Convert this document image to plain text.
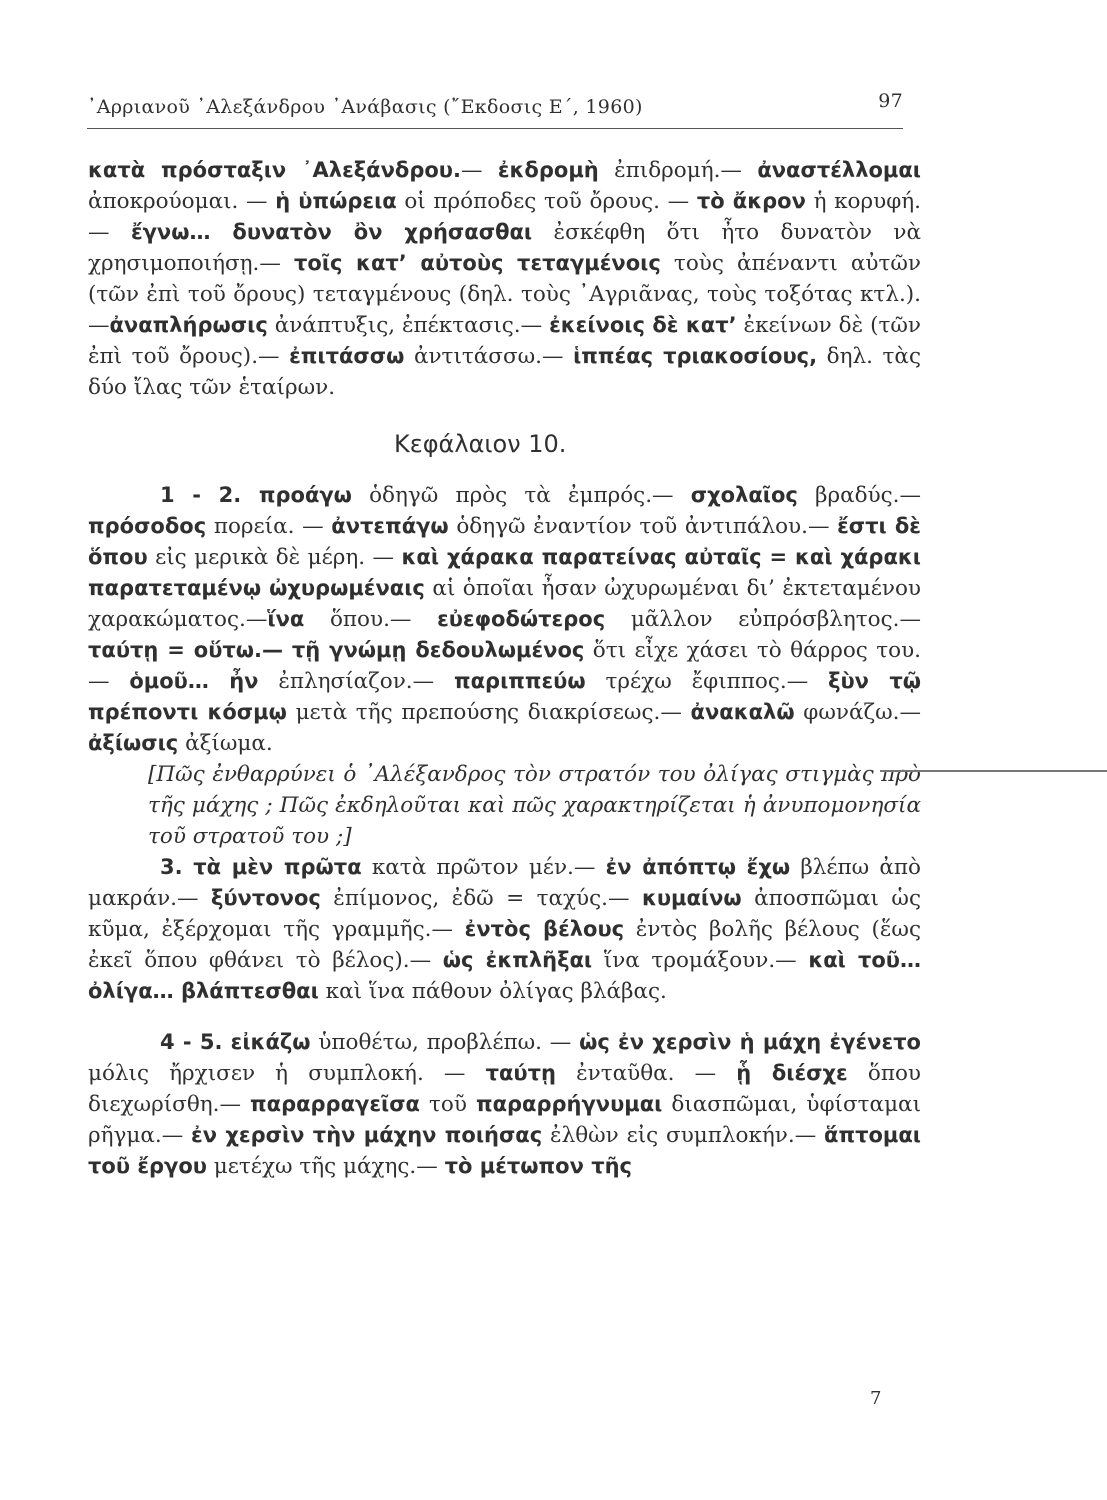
᾿Αρριανοῦ ᾿Αλεξάνδρου ᾿Ανάβασις (῎Εκδοσις Ε΄, 1960)	97

κατὰ πρόσταξιν ᾿Αλεξάνδρου.— ἐκδρομὴ ἐπιδρομή.— ἀναστέλλομαι ἀποκρούομαι. — ἡ ὑπώρεια οἱ πρόποδες τοῦ ὄρους. — τὸ ἄκρον ἡ κορυφή.— ἔγνω… δυνατὸν ὂν χρήσασθαι ἐσκέφθη ὅτι ἦτο δυνατὸν νὰ χρησιμοποιήσῃ.— τοῖς κατ’ αὐτοὺς τεταγμένοις τοὺς ἀπέναντι αὐτῶν (τῶν ἐπὶ τοῦ ὄρους) τεταγμένους (δηλ. τοὺς ᾿Αγριᾶνας, τοὺς τοξότας κτλ.).—ἀναπλήρωσις ἀνάπτυξις, ἐπέκτασις.— ἐκείνοις δὲ κατ’ ἐκείνων δὲ (τῶν ἐπὶ τοῦ ὄρους).— ἐπιτάσσω ἀντιτάσσω.— ἱππέας τριακοσίους, δηλ. τὰς δύο ἴλας τῶν ἑταίρων.

Κεφάλαιον 10.

1 - 2. προάγω ὁδηγῶ πρὸς τὰ ἐμπρός.— σχολαῖος βραδύς.— πρόσοδος πορεία. — ἀντεπάγω ὁδηγῶ ἐναντίον τοῦ ἀντιπάλου.— ἔστι δὲ ὅπου εἰς μερικὰ δὲ μέρη. — καὶ χάρακα παρατείνας αὐταῖς = καὶ χάρακι παρατεταμένῳ ὠχυρωμέναις αἱ ὁποῖαι ἦσαν ὠχυρωμέναι δι’ ἐκτεταμένου χαρακώματος.—ἵνα ὅπου.— εὐεφοδώτερος μᾶλλον εὐπρόσβλητος.— ταύτῃ = οὕτω.— τῇ γνώμῃ δεδουλωμένος ὅτι εἶχε χάσει τὸ θάρρος του.— ὁμοῦ… ἦν ἐπλησίαζον.— παριππεύω τρέχω ἔφιππος.— ξὺν τῷ πρέποντι κόσμῳ μετὰ τῆς πρεπούσης διακρίσεως.— ἀνακαλῶ φωνάζω.—ἀξίωσις ἀξίωμα.

[Πῶς ἐνθαρρύνει ὁ ᾿Αλέξανδρος τὸν στρατόν του ὀλίγας στιγμὰς πρὸ τῆς μάχης ; Πῶς ἐκδηλοῦται καὶ πῶς χαρακτηρίζεται ἡ ἀνυπομονησία τοῦ στρατοῦ του ;]

3. τὰ μὲν πρῶτα κατὰ πρῶτον μέν.— ἐν ἀπόπτῳ ἔχω βλέπω ἀπὸ μακράν.— ξύντονος ἐπίμονος, ἐδῶ = ταχύς.— κυμαίνω ἀποσπῶμαι ὡς κῦμα, ἐξέρχομαι τῆς γραμμῆς.— ἐντὸς βέλους ἐντὸς βολῆς βέλους (ἕως ἐκεῖ ὅπου φθάνει τὸ βέλος).— ὡς ἐκπλῆξαι ἵνα τρομάξουν.— καὶ τοῦ… ὀλίγα… βλάπτεσθαι καὶ ἵνα πάθουν ὀλίγας βλάβας.

4 - 5. εἰκάζω ὑποθέτω, προβλέπω. — ὡς ἐν χερσὶν ἡ μάχη ἐγένετο μόλις ἤρχισεν ἡ συμπλοκή. — ταύτῃ ἐνταῦθα. — ᾗ διέσχε ὅπου διεχωρίσθη.— παραρραγεῖσα τοῦ παραρρήγνυμαι διασπῶμαι, ὑφίσταμαι ρῆγμα.— ἐν χερσὶν τὴν μάχην ποιήσας ἐλθὼν εἰς συμπλοκήν.— ἅπτομαι τοῦ ἔργου μετέχω τῆς μάχης.— τὸ μέτωπον τῆς

7
